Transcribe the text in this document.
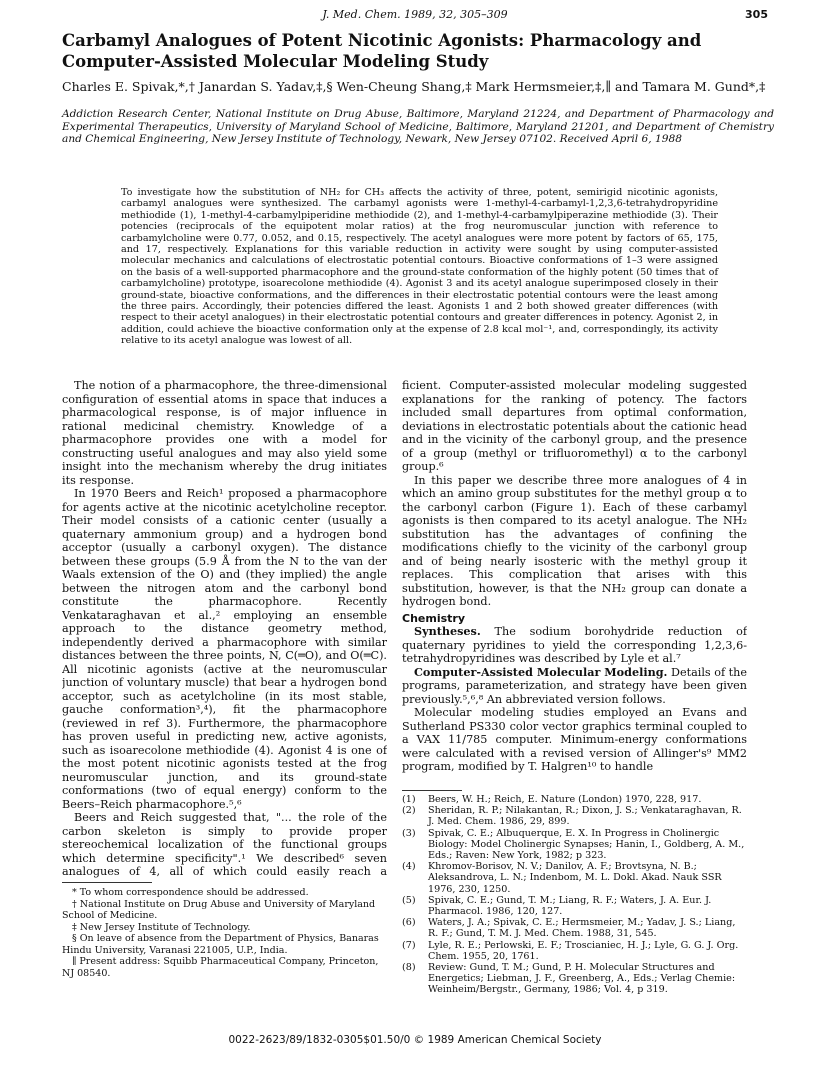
J. Med. Chem. 1989, 32, 305–309	305
Carbamyl Analogues of Potent Nicotinic Agonists: Pharmacology and Computer-Assisted Molecular Modeling Study
Charles E. Spivak,*,† Janardan S. Yadav,‡,§ Wen-Cheung Shang,‡ Mark Hermsmeier,‡,∥ and Tamara M. Gund*,‡
Addiction Research Center, National Institute on Drug Abuse, Baltimore, Maryland 21224, and Department of Pharmacology and Experimental Therapeutics, University of Maryland School of Medicine, Baltimore, Maryland 21201, and Department of Chemistry and Chemical Engineering, New Jersey Institute of Technology, Newark, New Jersey 07102. Received April 6, 1988
To investigate how the substitution of NH₂ for CH₃ affects the activity of three, potent, semirigid nicotinic agonists, carbamyl analogues were synthesized. The carbamyl agonists were 1-methyl-4-carbamyl-1,2,3,6-tetrahydropyridine methiodide (1), 1-methyl-4-carbamylpiperidine methiodide (2), and 1-methyl-4-carbamylpiperazine methiodide (3). Their potencies (reciprocals of the equipotent molar ratios) at the frog neuromuscular junction with reference to carbamylcholine were 0.77, 0.052, and 0.15, respectively. The acetyl analogues were more potent by factors of 65, 175, and 17, respectively. Explanations for this variable reduction in activity were sought by using computer-assisted molecular mechanics and calculations of electrostatic potential contours. Bioactive conformations of 1–3 were assigned on the basis of a well-supported pharmacophore and the ground-state conformation of the highly potent (50 times that of carbamylcholine) prototype, isoarecolone methiodide (4). Agonist 3 and its acetyl analogue superimposed closely in their ground-state, bioactive conformations, and the differences in their electrostatic potential contours were the least among the three pairs. Accordingly, their potencies differed the least. Agonists 1 and 2 both showed greater differences (with respect to their acetyl analogues) in their electrostatic potential contours and greater differences in potency. Agonist 2, in addition, could achieve the bioactive conformation only at the expense of 2.8 kcal mol⁻¹, and, correspondingly, its activity relative to its acetyl analogue was lowest of all.

The notion of a pharmacophore, the three-dimensional configuration of essential atoms in space that induces a pharmacological response, is of major influence in rational medicinal chemistry. Knowledge of a pharmacophore provides one with a model for constructing useful analogues and may also yield some insight into the mechanism whereby the drug initiates its response.

In 1970 Beers and Reich¹ proposed a pharmacophore for agents active at the nicotinic acetylcholine receptor. Their model consists of a cationic center (usually a quaternary ammonium group) and a hydrogen bond acceptor (usually a carbonyl oxygen). The distance between these groups (5.9 Å from the N to the van der Waals extension of the O) and (they implied) the angle between the nitrogen atom and the carbonyl bond constitute the pharmacophore. Recently Venkataraghavan et al.,² employing an ensemble approach to the distance geometry method, independently derived a pharmacophore with similar distances between the three points, N, C(═O), and O(═C). All nicotinic agonists (active at the neuromuscular junction of voluntary muscle) that bear a hydrogen bond acceptor, such as acetylcholine (in its most stable, gauche conformation³,⁴), fit the pharmacophore (reviewed in ref 3). Furthermore, the pharmacophore has proven useful in predicting new, active agonists, such as isoarecolone methiodide (4). Agonist 4 is one of the most potent nicotinic agonists tested at the frog neuromuscular junction, and its ground-state conformations (two of equal energy) conform to the Beers–Reich pharmacophore.⁵,⁶

Beers and Reich suggested that, "... the role of the carbon skeleton is simply to provide proper stereochemical localization of the functional groups which determine specificity".¹ We described⁶ seven analogues of 4, all of which could easily reach a

* To whom correspondence should be addressed.

† National Institute on Drug Abuse and University of Maryland School of Medicine.

‡ New Jersey Institute of Technology.

§ On leave of absence from the Department of Physics, Banaras Hindu University, Varanasi 221005, U.P., India.

∥ Present address: Squibb Pharmaceutical Company, Princeton, NJ 08540.

ficient. Computer-assisted molecular modeling suggested explanations for the ranking of potency. The factors included small departures from optimal conformation, deviations in electrostatic potentials about the cationic head and in the vicinity of the carbonyl group, and the presence of a group (methyl or trifluoromethyl) α to the carbonyl group.⁶

In this paper we describe three more analogues of 4 in which an amino group substitutes for the methyl group α to the carbonyl carbon (Figure 1). Each of these carbamyl agonists is then compared to its acetyl analogue. The NH₂ substitution has the advantages of confining the modifications chiefly to the vicinity of the carbonyl group and of being nearly isosteric with the methyl group it replaces. This complication that arises with this substitution, however, is that the NH₂ group can donate a hydrogen bond.

Chemistry

Syntheses. The sodium borohydride reduction of quaternary pyridines to yield the corresponding 1,2,3,6-tetrahydropyridines was described by Lyle et al.⁷

Computer-Assisted Molecular Modeling. Details of the programs, parameterization, and strategy have been given previously.⁵,⁶,⁸ An abbreviated version follows.

Molecular modeling studies employed an Evans and Sutherland PS330 color vector graphics terminal coupled to a VAX 11/785 computer. Minimum-energy conformations were calculated with a revised version of Allinger's⁹ MM2 program, modified by T. Halgren¹⁰ to handle

(1)	Beers, W. H.; Reich, E. Nature (London) 1970, 228, 917.
(2)	Sheridan, R. P.; Nilakantan, R.; Dixon, J. S.; Venkataraghavan, R. J. Med. Chem. 1986, 29, 899.
(3)	Spivak, C. E.; Albuquerque, E. X. In Progress in Cholinergic Biology: Model Cholinergic Synapses; Hanin, I., Goldberg, A. M., Eds.; Raven: New York, 1982; p 323.
(4)	Khromov-Borisov, N. V.; Danilov, A. F.; Brovtsyna, N. B.; Aleksandrova, L. N.; Indenbom, M. L. Dokl. Akad. Nauk SSR 1976, 230, 1250.
(5)	Spivak, C. E.; Gund, T. M.; Liang, R. F.; Waters, J. A. Eur. J. Pharmacol. 1986, 120, 127.
(6)	Waters, J. A.; Spivak, C. E.; Hermsmeier, M.; Yadav, J. S.; Liang, R. F.; Gund, T. M. J. Med. Chem. 1988, 31, 545.
(7)	Lyle, R. E.; Perlowski, E. F.; Troscianiec, H. J.; Lyle, G. G. J. Org. Chem. 1955, 20, 1761.
(8)	Review: Gund, T. M.; Gund, P. H. Molecular Structures and Energetics; Liebman, J. F., Greenberg, A., Eds.; Verlag Chemie: Weinheim/Bergstr., Germany, 1986; Vol. 4, p 319.
0022-2623/89/1832-0305$01.50/0 © 1989 American Chemical Society
